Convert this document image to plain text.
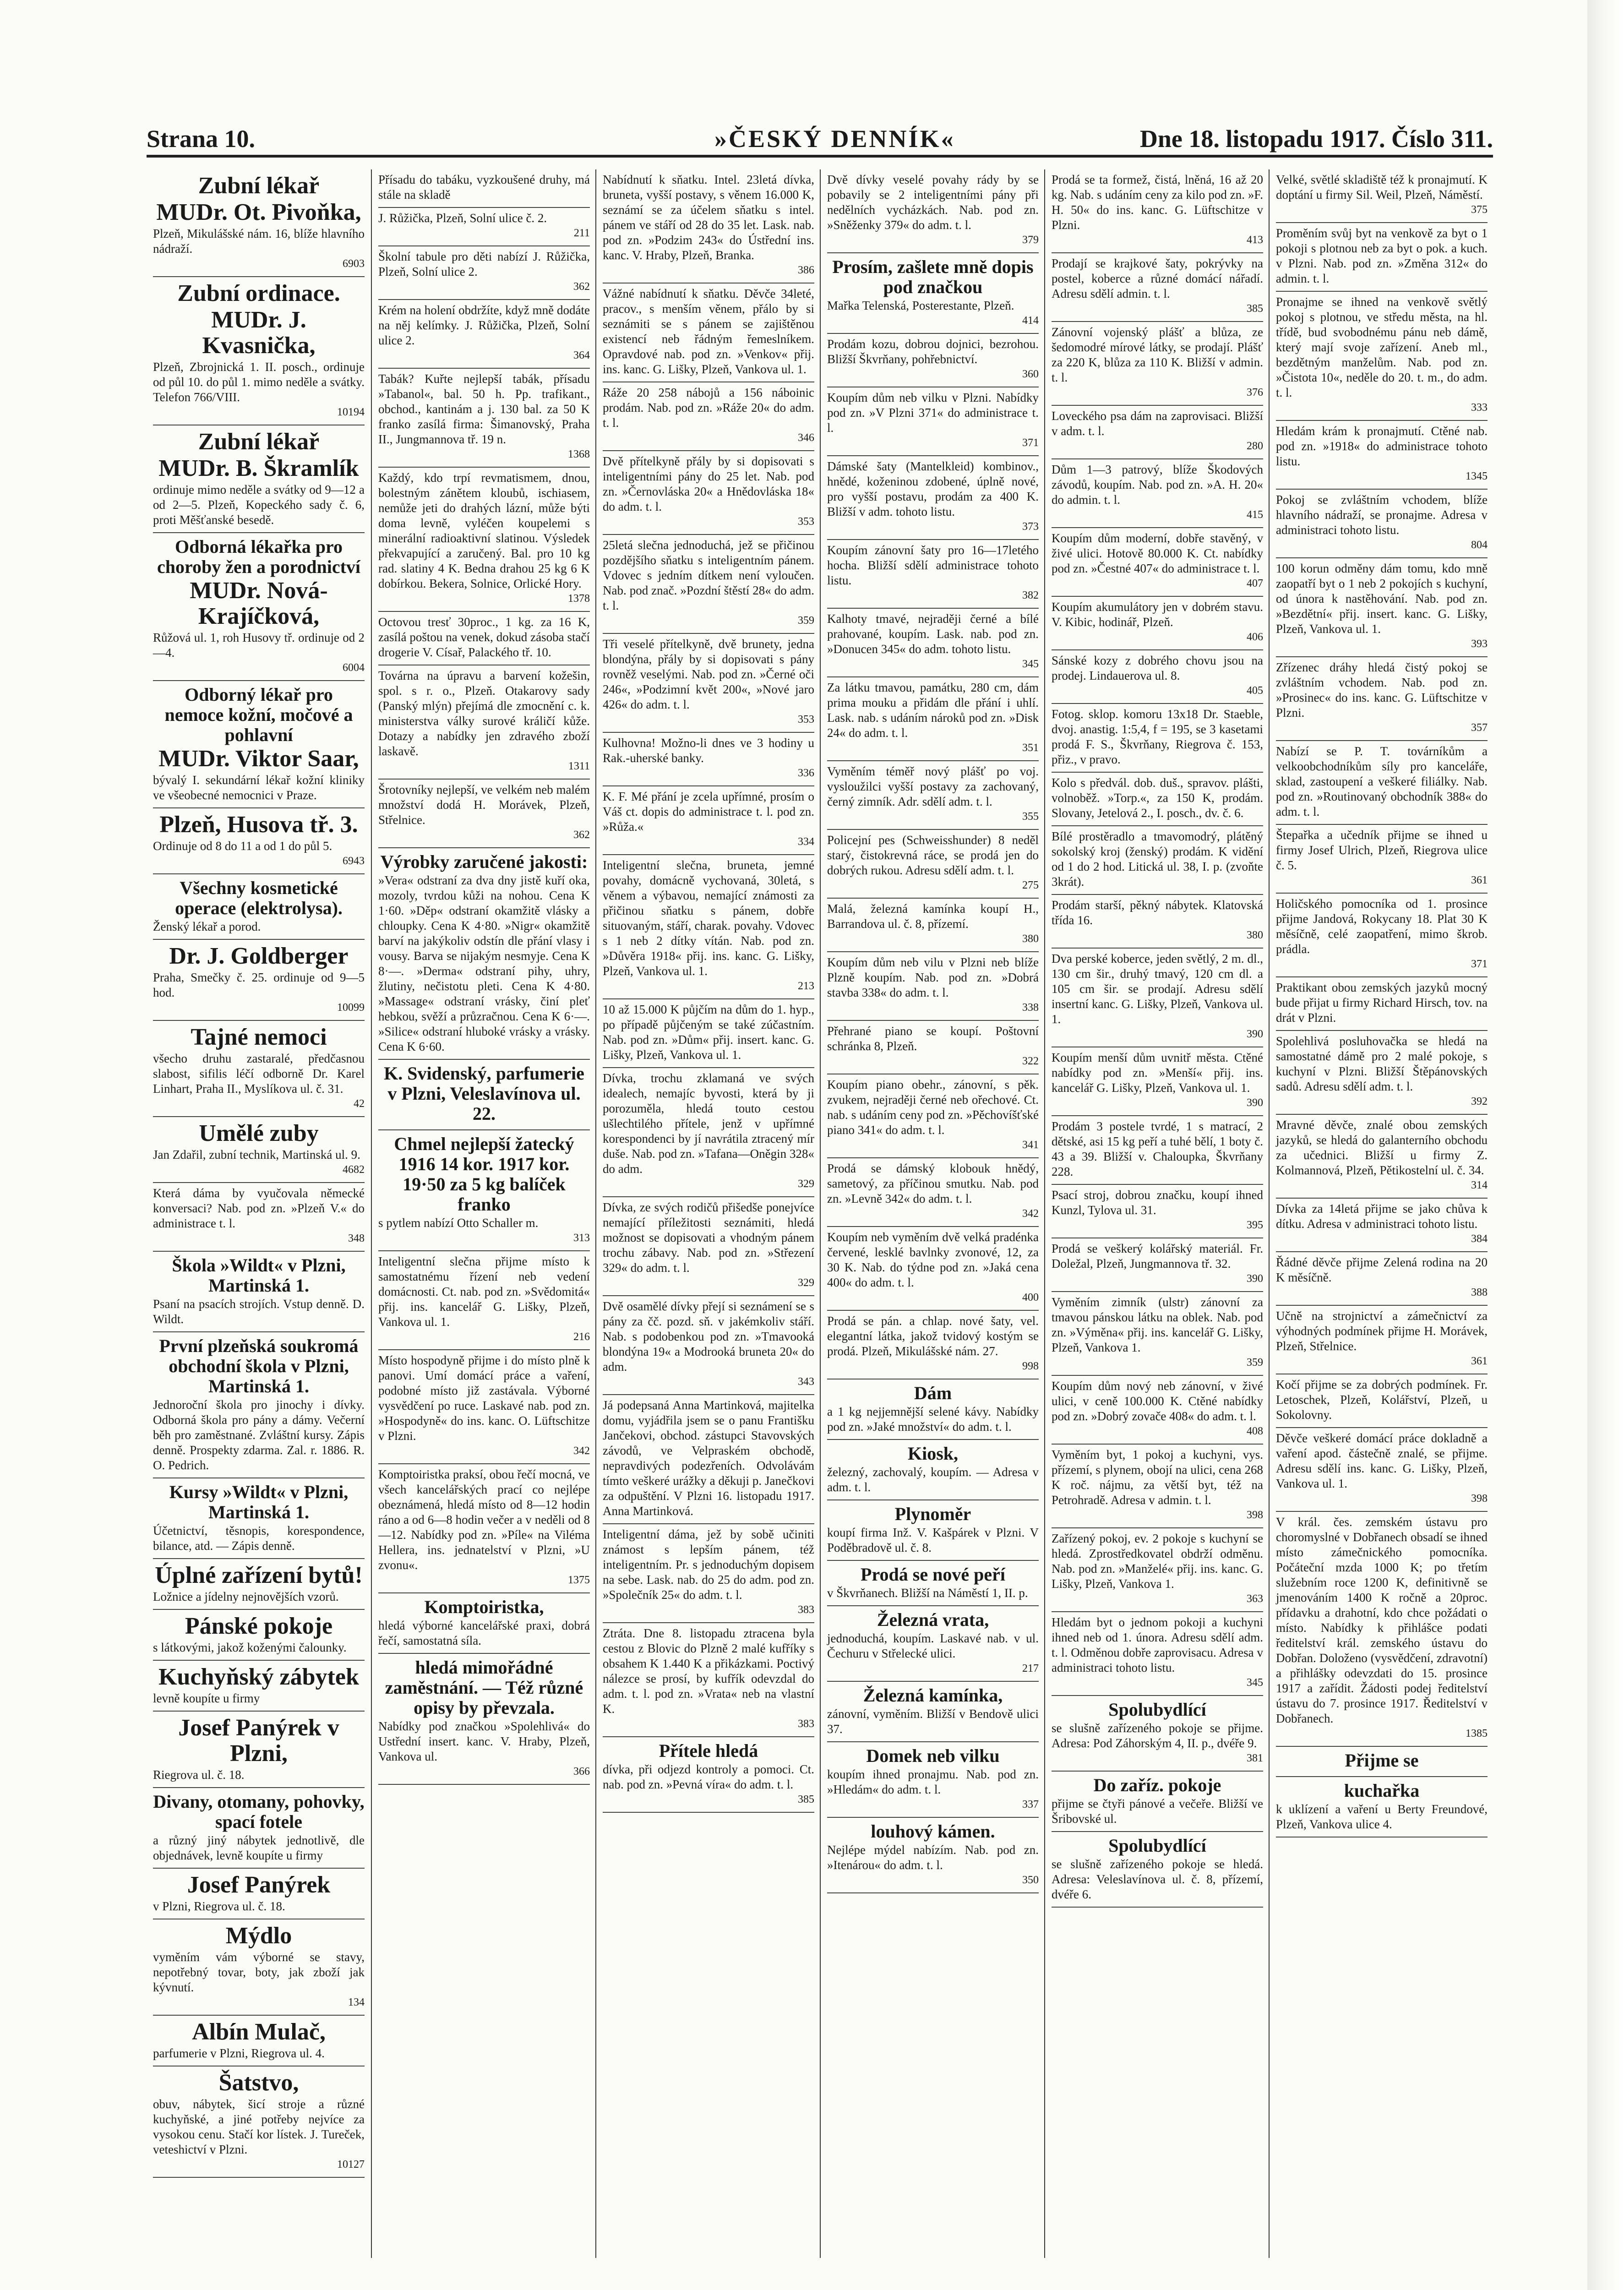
Strana 10.	»ČESKÝ DENNÍK«	Dne 18. listopadu 1917. Číslo 311.
Zubní lékař
MUDr. Ot. Pivoňka,
Plzeň, Mikulášské nám. 16, blíže hlavního nádraží.
6903
Zubní ordinace.
MUDr. J. Kvasnička,
Plzeň, Zbrojnická 1. II. posch., ordinuje od půl 10. do půl 1. mimo neděle a svátky. Telefon 766/VIII.
10194
Zubní lékař
MUDr. B. Škramlík
ordinuje mimo neděle a svátky od 9—12 a od 2—5. Plzeň, Kopeckého sady č. 6, proti Měšťanské besedě.
Odborná lékařka pro choroby žen a porodnictví
MUDr. Nová-Krajíčková,
Růžová ul. 1, roh Husovy tř. ordinuje od 2—4.
6004
Odborný lékař pro nemoce kožní, močové a pohlavní
MUDr. Viktor Saar,
bývalý I. sekundární lékař kožní kliniky ve všeobecné nemocnici v Praze.
Plzeň, Husova tř. 3.
Ordinuje od 8 do 11 a od 1 do půl 5.
6943
Všechny kosmetické operace (elektrolysa).
Ženský lékař a porod.
Dr. J. Goldberger
Praha, Smečky č. 25. ordinuje od 9—5 hod.
10099
Tajné nemoci
všecho druhu zastaralé, předčasnou slabost, sifilis léčí odborně Dr. Karel Linhart, Praha II., Myslíkova ul. č. 31.
42
Umělé zuby
Jan Zdařil, zubní technik, Martinská ul. 9.
4682
Která dáma by vyučovala německé konversaci? Nab. pod zn. »Plzeň V.« do administrace t. l.
348
Škola »Wildt« v Plzni, Martinská 1.
Psaní na psacích strojích. Vstup denně. D. Wildt.
První plzeňská soukromá obchodní škola v Plzni, Martinská 1.
Jednoroční škola pro jinochy i dívky. Odborná škola pro pány a dámy. Večerní běh pro zaměstnané. Zvláštní kursy. Zápis denně. Prospekty zdarma. Zal. r. 1886. R. O. Pedrich.
Kursy »Wildt« v Plzni, Martinská 1.
Účetnictví, těsnopis, korespondence, bilance, atd. — Zápis denně.
Úplné zařízení bytů!
Ložnice a jídelny nejnovějších vzorů.
Pánské pokoje
s látkovými, jakož koženými čalounky.
Kuchyňský zábytek
levně koupíte u firmy
Josef Panýrek v Plzni,
Riegrova ul. č. 18.
Divany, otomany, pohovky, spací fotele
a různý jiný nábytek jednotlivě, dle objednávek, levně koupíte u firmy
Josef Panýrek
v Plzni, Riegrova ul. č. 18.
Mýdlo
vyměním vám výborné se stavy, nepotřebný tovar, boty, jak zboží jak kývnutí.
134
Albín Mulač,
parfumerie v Plzni, Riegrova ul. 4.
Šatstvo,
obuv, nábytek, šicí stroje a různé kuchyňské, a jiné potřeby nejvíce za vysokou cenu. Stačí kor lístek. J. Tureček, veteshictví v Plzni.
10127
Přísadu do tabáku, vyzkoušené druhy, má stále na skladě
J. Růžička, Plzeň, Solní ulice č. 2.
211
Školní tabule pro děti nabízí J. Růžička, Plzeň, Solní ulice 2.
362
Krém na holení obdržíte, když mně dodáte na něj kelímky. J. Růžička, Plzeň, Solní ulice 2.
364
Tabák? Kuřte nejlepší tabák, přísadu »Tabanol«, bal. 50 h. Pp. trafikant., obchod., kantinám a j. 130 bal. za 50 K franko zasílá firma: Šimanovský, Praha II., Jungmannova tř. 19 n.
1368
Každý, kdo trpí revmatismem, dnou, bolestným zánětem kloubů, ischiasem, nemůže jeti do drahých lázní, může býti doma levně, vyléčen koupelemi s minerální radioaktivní slatinou. Výsledek překvapující a zaručený. Bal. pro 10 kg rad. slatiny 4 K. Bedna drahou 25 kg 6 K dobírkou. Bekera, Solnice, Orlické Hory.
1378
Octovou tresť 30proc., 1 kg. za 16 K, zasílá poštou na venek, dokud zásoba stačí drogerie V. Císař, Palackého tř. 10.
Továrna na úpravu a barvení kožešin, spol. s r. o., Plzeň. Otakarovy sady (Panský mlýn) přejímá dle zmocnění c. k. ministerstva války surové králičí kůže. Dotazy a nabídky jen zdravého zboží laskavě.
1311
Šrotovníky nejlepší, ve velkém neb malém množství dodá H. Morávek, Plzeň, Střelnice.
362
Výrobky zaručené jakosti:
»Vera« odstraní za dva dny jistě kuří oka, mozoly, tvrdou kůži na nohou. Cena K 1·60. »Děp« odstraní okamžitě vlásky a chloupky. Cena K 4·80. »Nigr« okamžitě barví na jakýkoliv odstín dle přání vlasy i vousy. Barva se nijakým nesmyje. Cena K 8·—. »Derma« odstraní pihy, uhry, žlutiny, nečistotu pleti. Cena K 4·80. »Massage« odstraní vrásky, činí pleť hebkou, svěží a průzračnou. Cena K 6·—. »Silice« odstraní hluboké vrásky a vrásky. Cena K 6·60.
K. Svidenský, parfumerie v Plzni, Veleslavínova ul. 22.
Chmel nejlepší žatecký 1916 14 kor. 1917 kor. 19·50 za 5 kg balíček franko
s pytlem nabízí Otto Schaller m.
313
Inteligentní slečna přijme místo k samostatnému řízení neb vedení domácnosti. Ct. nab. pod zn. »Svědomitá« přij. ins. kancelář G. Lišky, Plzeň, Vankova ul. 1.
216
Místo hospodyně přijme i do místo plně k panovi. Umí domácí práce a vaření, podobné místo již zastávala. Výborné vysvědčení po ruce. Laskavé nab. pod zn. »Hospodyně« do ins. kanc. O. Lüftschitze v Plzni.
342
Komptoiristka praksí, obou řečí mocná, ve všech kancelářských prací co nejlépe obeznámená, hledá místo od 8—12 hodin ráno a od 6—8 hodin večer a v neděli od 8—12. Nabídky pod zn. »Píle« na Viléma Hellera, ins. jednatelství v Plzni, »U zvonu«.
1375
Komptoiristka,
hledá výborné kancelářské praxi, dobrá řečí, samostatná síla.
hledá mimořádné zaměstnání. — Též různé opisy by převzala.
Nabídky pod značkou »Spolehlivá« do Ustřední insert. kanc. V. Hraby, Plzeň, Vankova ul.
366
Nabídnutí k sňatku. Intel. 23letá dívka, bruneta, vyšší postavy, s věnem 16.000 K, seznámí se za účelem sňatku s intel. pánem ve stáří od 28 do 35 let. Lask. nab. pod zn. »Podzim 243« do Ústřední ins. kanc. V. Hraby, Plzeň, Branka.
386
Vážné nabídnutí k sňatku. Děvče 34leté, pracov., s menším věnem, přálo by si seznámiti se s pánem se zajištěnou existencí neb řádným řemeslníkem. Opravdové nab. pod zn. »Venkov« přij. ins. kanc. G. Lišky, Plzeň, Vankova ul. 1.
Ráže 20 258 nábojů a 156 náboinic prodám. Nab. pod zn. »Ráže 20« do adm. t. l.
346
Dvě přítelkyně přály by si dopisovati s inteligentními pány do 25 let. Nab. pod zn. »Černovláska 20« a Hnědovláska 18« do adm. t. l.
353
25letá slečna jednoduchá, jež se přičinou pozdějšího sňatku s inteligentním pánem. Vdovec s jedním dítkem není vyloučen. Nab. pod znač. »Pozdní štěstí 28« do adm. t. l.
359
Tři veselé přítelkyně, dvě brunety, jedna blondýna, přály by si dopisovati s pány rovněž veselými. Nab. pod zn. »Černé oči 246«, »Podzimní květ 200«, »Nové jaro 426« do adm. t. l.
353
Kulhovna! Možno-li dnes ve 3 hodiny u Rak.-uherské banky.
336
K. F. Mé přání je zcela upřímné, prosím o Váš ct. dopis do administrace t. l. pod zn. »Růža.«
334
Inteligentní slečna, bruneta, jemné povahy, domácně vychovaná, 30letá, s věnem a výbavou, nemající známosti za přičinou sňatku s pánem, dobře situovaným, stáří, charak. povahy. Vdovec s 1 neb 2 dítky vítán. Nab. pod zn. »Důvěra 1918« přij. ins. kanc. G. Lišky, Plzeň, Vankova ul. 1.
213
10 až 15.000 K půjčím na dům do 1. hyp., po případě půjčeným se také zúčastním. Nab. pod zn. »Dům« přij. insert. kanc. G. Lišky, Plzeň, Vankova ul. 1.
Dívka, trochu zklamaná ve svých idealech, nemajíc byvosti, která by ji porozuměla, hledá touto cestou ušlechtilého přítele, jenž v upřímné korespondenci by jí navrátila ztracený mír duše. Nab. pod zn. »Tafana—Oněgin 328« do adm.
329
Dívka, ze svých rodičů přišedše ponejvíce nemající příležitosti seznámiti, hledá možnost se dopisovati a vhodným pánem trochu zábavy. Nab. pod zn. »Střezení 329« do adm. t. l.
329
Dvě osamělé dívky přejí si seznámení se s pány za čč. pozd. sň. v jakémkoliv stáří. Nab. s podobenkou pod zn. »Tmavooká blondýna 19« a Modrooká bruneta 20« do adm.
343
Já podepsaná Anna Martinková, majitelka domu, vyjádřila jsem se o panu Františku Jančekovi, obchod. zástupci Stavovských závodů, ve Velpraském obchodě, nepravdivých podezřeních. Odvolávám tímto veškeré urážky a děkuji p. Janečkovi za odpuštění. V Plzni 16. listopadu 1917. Anna Martinková.
Inteligentní dáma, jež by sobě učiniti známost s lepším pánem, též inteligentním. Pr. s jednoduchým dopisem na sebe. Lask. nab. do 25 do adm. pod zn. »Společník 25« do adm. t. l.
383
Ztráta. Dne 8. listopadu ztracena byla cestou z Blovic do Plzně 2 malé kufříky s obsahem K 1.440 K a přikázkami. Poctivý nálezce se prosí, by kufřík odevzdal do adm. t. l. pod zn. »Vrata« neb na vlastní K.
383
Přítele hledá
dívka, při odjezd kontroly a pomoci. Ct. nab. pod zn. »Pevná víra« do adm. t. l.
385
Dvě dívky veselé povahy rády by se pobavily se 2 inteligentními pány při nedělních vycházkách. Nab. pod zn. »Sněženky 379« do adm. t. l.
379
Prosím, zašlete mně dopis pod značkou
Mařka Telenská, Posterestante, Plzeň.
414
Prodám kozu, dobrou dojnici, bezrohou. Bližší Škvrňany, pohřebnictví.
360
Koupím dům neb vilku v Plzni. Nabídky pod zn. »V Plzni 371« do administrace t. l.
371
Dámské šaty (Mantelkleid) kombinov., hnědé, koženinou zdobené, úplně nové, pro vyšší postavu, prodám za 400 K. Bližší v adm. tohoto listu.
373
Koupím zánovní šaty pro 16—17letého hocha. Bližší sdělí administrace tohoto listu.
382
Kalhoty tmavé, nejraději černé a bílé prahované, koupím. Lask. nab. pod zn. »Donucen 345« do adm. tohoto listu.
345
Za látku tmavou, památku, 280 cm, dám prima mouku a přidám dle přání i uhlí. Lask. nab. s udáním nároků pod zn. »Disk 24« do adm. t. l.
351
Vyměním téměř nový plášť po voj. vysloužilci vyšší postavy za zachovaný, černý zimník. Adr. sdělí adm. t. l.
355
Policejní pes (Schweisshunder) 8 neděl starý, čistokrevná ráce, se prodá jen do dobrých rukou. Adresu sdělí adm. t. l.
275
Malá, železná kamínka koupí H., Barrandova ul. č. 8, přízemí.
380
Koupím dům neb vilu v Plzni neb blíže Plzně koupím. Nab. pod zn. »Dobrá stavba 338« do adm. t. l.
338
Přehrané piano se koupí. Poštovní schránka 8, Plzeň.
322
Koupím piano obehr., zánovní, s pěk. zvukem, nejraději černé neb ořechové. Ct. nab. s udáním ceny pod zn. »Pěchovíšťské piano 341« do adm. t. l.
341
Prodá se dámský klobouk hnědý, sametový, za příčinou smutku. Nab. pod zn. »Levně 342« do adm. t. l.
342
Koupím neb vyměním dvě velká pradénka červené, lesklé bavlnky zvonové, 12, za 30 K. Nab. do týdne pod zn. »Jaká cena 400« do adm. t. l.
400
Prodá se pán. a chlap. nové šaty, vel. elegantní látka, jakož tvidový kostým se prodá. Plzeň, Mikulášské nám. 27.
998
Dám
a 1 kg nejjemnější selené kávy. Nabídky pod zn. »Jaké množství« do adm. t. l.
Kiosk,
železný, zachovalý, koupím. — Adresa v adm. t. l.
Plynoměr
koupí firma Inž. V. Kašpárek v Plzni. V Poděbradově ul. č. 8.
Prodá se nové peří
v Škvrňanech. Bližší na Náměstí 1, II. p.
Železná vrata,
jednoduchá, koupím. Laskavé nab. v ul. Čechuru v Střelecké ulici.
217
Železná kamínka,
zánovní, vyměním. Bližší v Bendově ulici 37.
Domek neb vilku
koupím ihned pronajmu. Nab. pod zn. »Hledám« do adm. t. l.
337
louhový kámen.
Nejlépe mýdel nabízím. Nab. pod zn. »Itenárou« do adm. t. l.
350
Prodá se ta formež, čistá, lněná, 16 až 20 kg. Nab. s udáním ceny za kilo pod zn. »F. H. 50« do ins. kanc. G. Lüftschitze v Plzni.
413
Prodají se krajkové šaty, pokrývky na postel, koberce a různé domácí nářadí. Adresu sdělí admin. t. l.
385
Zánovní vojenský plášť a blůza, ze šedomodré mírové látky, se prodají. Plášť za 220 K, blůza za 110 K. Bližší v admin. t. l.
376
Loveckého psa dám na zaprovisaci. Bližší v adm. t. l.
280
Dům 1—3 patrový, blíže Škodových závodů, koupím. Nab. pod zn. »A. H. 20« do admin. t. l.
415
Koupím dům moderní, dobře stavěný, v živé ulici. Hotově 80.000 K. Ct. nabídky pod zn. »Čestné 407« do administrace t. l.
407
Koupím akumulátory jen v dobrém stavu. V. Kibic, hodinář, Plzeň.
406
Sánské kozy z dobrého chovu jsou na prodej. Lindauerova ul. 8.
405
Fotog. sklop. komoru 13x18 Dr. Staeble, dvoj. anastig. 1:5,4, f = 195, se 3 kasetami prodá F. S., Škvrňany, Riegrova č. 153, přiz., v pravo.
Kolo s předvál. dob. duš., spravov. plášti, volnoběž. »Torp.«, za 150 K, prodám. Slovany, Jetelová 2., I. posch., dv. č. 6.
Bílé prostěradlo a tmavomodrý, plátěný sokolský kroj (ženský) prodám. K vidění od 1 do 2 hod. Litická ul. 38, I. p. (zvoňte 3krát).
Prodám starší, pěkný nábytek. Klatovská třída 16.
380
Dva perské koberce, jeden světlý, 2 m. dl., 130 cm šir., druhý tmavý, 120 cm dl. a 105 cm šir. se prodají. Adresu sdělí insertní kanc. G. Lišky, Plzeň, Vankova ul. 1.
390
Koupím menší dům uvnitř města. Ctěné nabídky pod zn. »Menší« přij. ins. kancelář G. Lišky, Plzeň, Vankova ul. 1.
390
Prodám 3 postele tvrdé, 1 s matrací, 2 dětské, asi 15 kg peří a tuhé bělí, 1 boty č. 43 a 39. Bližší v. Chaloupka, Škvrňany 228.
Psací stroj, dobrou značku, koupí ihned Kunzl, Tylova ul. 31.
395
Prodá se veškerý kolářský materiál. Fr. Doležal, Plzeň, Jungmannova tř. 32.
390
Vyměním zimník (ulstr) zánovní za tmavou pánskou látku na oblek. Nab. pod zn. »Výměna« přij. ins. kancelář G. Lišky, Plzeň, Vankova 1.
359
Koupím dům nový neb zánovní, v živé ulici, v ceně 100.000 K. Ctěné nabídky pod zn. »Dobrý zovače 408« do adm. t. l.
408
Vyměním byt, 1 pokoj a kuchyni, vys. přízemí, s plynem, obojí na ulici, cena 268 K roč. nájmu, za větší byt, též na Petrohradě. Adresa v admin. t. l.
398
Zařízený pokoj, ev. 2 pokoje s kuchyní se hledá. Zprostředkovatel obdrží odměnu. Nab. pod zn. »Manželé« přij. ins. kanc. G. Lišky, Plzeň, Vankova 1.
363
Hledám byt o jednom pokoji a kuchyni ihned neb od 1. února. Adresu sdělí adm. t. l. Odměnou dobře zaprovisacu. Adresa v administraci tohoto listu.
345
Spolubydlící
se slušně zařízeného pokoje se přijme. Adresa: Pod Záhorským 4, II. p., dvéře 9.
381
Do zaříz. pokoje
přijme se čtyři pánové a večeře. Bližší ve Šribovské ul.
Spolubydlící
se slušně zařízeného pokoje se hledá. Adresa: Veleslavínova ul. č. 8, přízemí, dvéře 6.
Velké, světlé skladiště též k pronajmutí. K doptání u firmy Sil. Weil, Plzeň, Náměstí.
375
Proměním svůj byt na venkově za byt o 1 pokoji s plotnou neb za byt o pok. a kuch. v Plzni. Nab. pod zn. »Změna 312« do admin. t. l.
Pronajme se ihned na venkově světlý pokoj s plotnou, ve středu města, na hl. třídě, bud svobodnému pánu neb dámě, který mají svoje zařízení. Aneb ml., bezdětným manželům. Nab. pod zn. »Čistota 10«, neděle do 20. t. m., do adm. t. l.
333
Hledám krám k pronajmutí. Ctěné nab. pod zn. »1918« do administrace tohoto listu.
1345
Pokoj se zvláštním vchodem, blíže hlavního nádraží, se pronajme. Adresa v administraci tohoto listu.
804
100 korun odměny dám tomu, kdo mně zaopatří byt o 1 neb 2 pokojích s kuchyní, od února k nastěhování. Nab. pod zn. »Bezdětní« přij. insert. kanc. G. Lišky, Plzeň, Vankova ul. 1.
393
Zřízenec dráhy hledá čistý pokoj se zvláštním vchodem. Nab. pod zn. »Prosinec« do ins. kanc. G. Lüftschitze v Plzni.
357
Nabízí se P. T. továrníkům a velkoobchodníkům síly pro kanceláře, sklad, zastoupení a veškeré filiálky. Nab. pod zn. »Routinovaný obchodník 388« do adm. t. l.
Štepařka a učedník přijme se ihned u firmy Josef Ulrich, Plzeň, Riegrova ulice č. 5.
361
Holičského pomocníka od 1. prosince přijme Jandová, Rokycany 18. Plat 30 K měsíčně, celé zaopatření, mimo škrob. prádla.
371
Praktikant obou zemských jazyků mocný bude přijat u firmy Richard Hirsch, tov. na drát v Plzni.
Spolehlivá posluhovačka se hledá na samostatné dámě pro 2 malé pokoje, s kuchyní v Plzni. Bližší Štěpánovských sadů. Adresu sdělí adm. t. l.
392
Mravné děvče, znalé obou zemských jazyků, se hledá do galanterního obchodu za učednici. Bližší u firmy Z. Kolmannová, Plzeň, Pětikostelní ul. č. 34.
314
Dívka za 14letá přijme se jako chůva k dítku. Adresa v administraci tohoto listu.
384
Řádné děvče přijme Zelená rodina na 20 K měsíčně.
388
Učně na strojnictví a zámečnictví za výhodných podmínek přijme H. Morávek, Plzeň, Střelnice.
361
Kočí přijme se za dobrých podmínek. Fr. Letoschek, Plzeň, Kolářství, Plzeň, u Sokolovny.
Děvče veškeré domácí práce dokladně a vaření apod. částečně znalé, se přijme. Adresu sdělí ins. kanc. G. Lišky, Plzeň, Vankova ul. 1.
398
V král. čes. zemském ústavu pro choromyslné v Dobřanech obsadí se ihned místo zámečnického pomocníka. Počáteční mzda 1000 K; po třetím služebním roce 1200 K, definitivně se jmenováním 1400 K ročně a 20proc. přídavku a drahotní, kdo chce požádati o místo. Nabídky k přihlášce podati ředitelství král. zemského ústavu do Dobřan. Doloženo (vysvědčení, zdravotní) a přihlášky odevzdati do 15. prosince 1917 a zařídit. Žádosti podej ředitelství ústavu do 7. prosince 1917. Ředitelství v Dobřanech.
1385
Přijme se
kuchařka
k uklízení a vaření u Berty Freundové, Plzeň, Vankova ulice 4.
